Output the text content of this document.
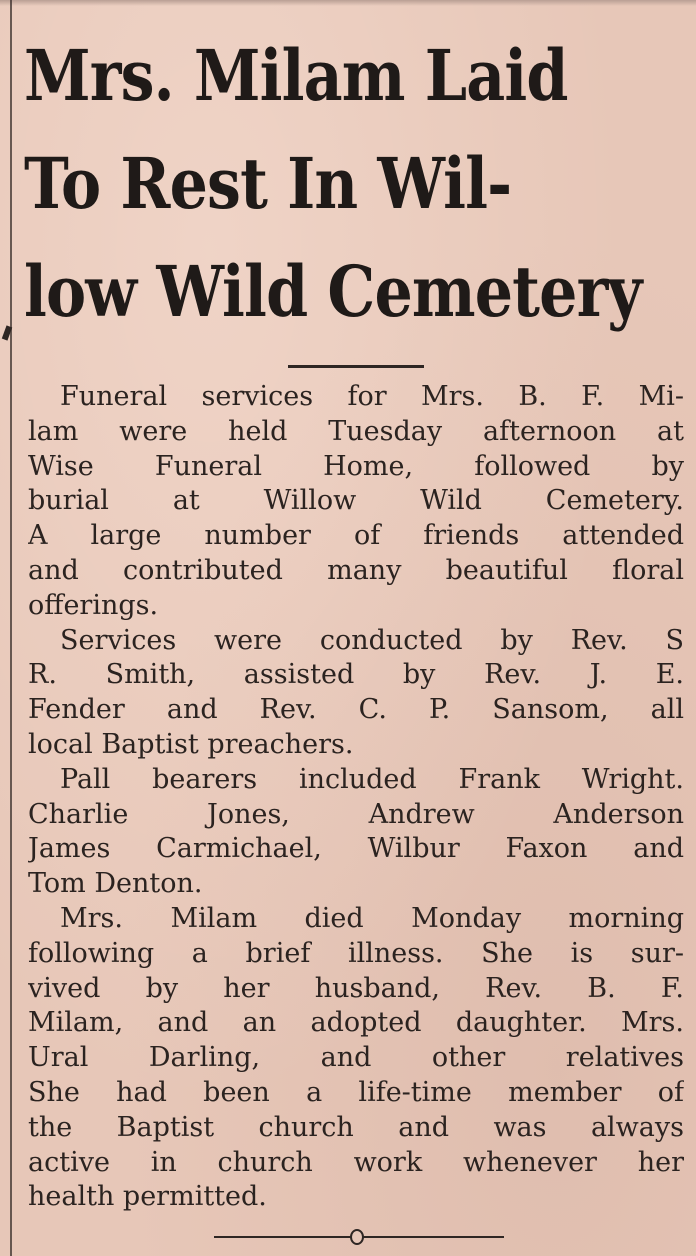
Mrs. Milam Laid
To Rest In Wil-
low Wild Cemetery

Funeral services for Mrs. B. F. Mi-
lam were held Tuesday afternoon at
Wise Funeral Home, followed by
burial at Willow Wild Cemetery.
A large number of friends attended
and contributed many beautiful floral
offerings.

Services were conducted by Rev. S
R. Smith, assisted by Rev. J. E.
Fender and Rev. C. P. Sansom, all
local Baptist preachers.

Pall bearers included Frank Wright.
Charlie Jones, Andrew Anderson
James Carmichael, Wilbur Faxon and
Tom Denton.

Mrs. Milam died Monday morning
following a brief illness. She is sur-
vived by her husband, Rev. B. F.
Milam, and an adopted daughter. Mrs.
Ural Darling, and other relatives
She had been a life-time member of
the Baptist church and was always
active in church work whenever her
health permitted.
